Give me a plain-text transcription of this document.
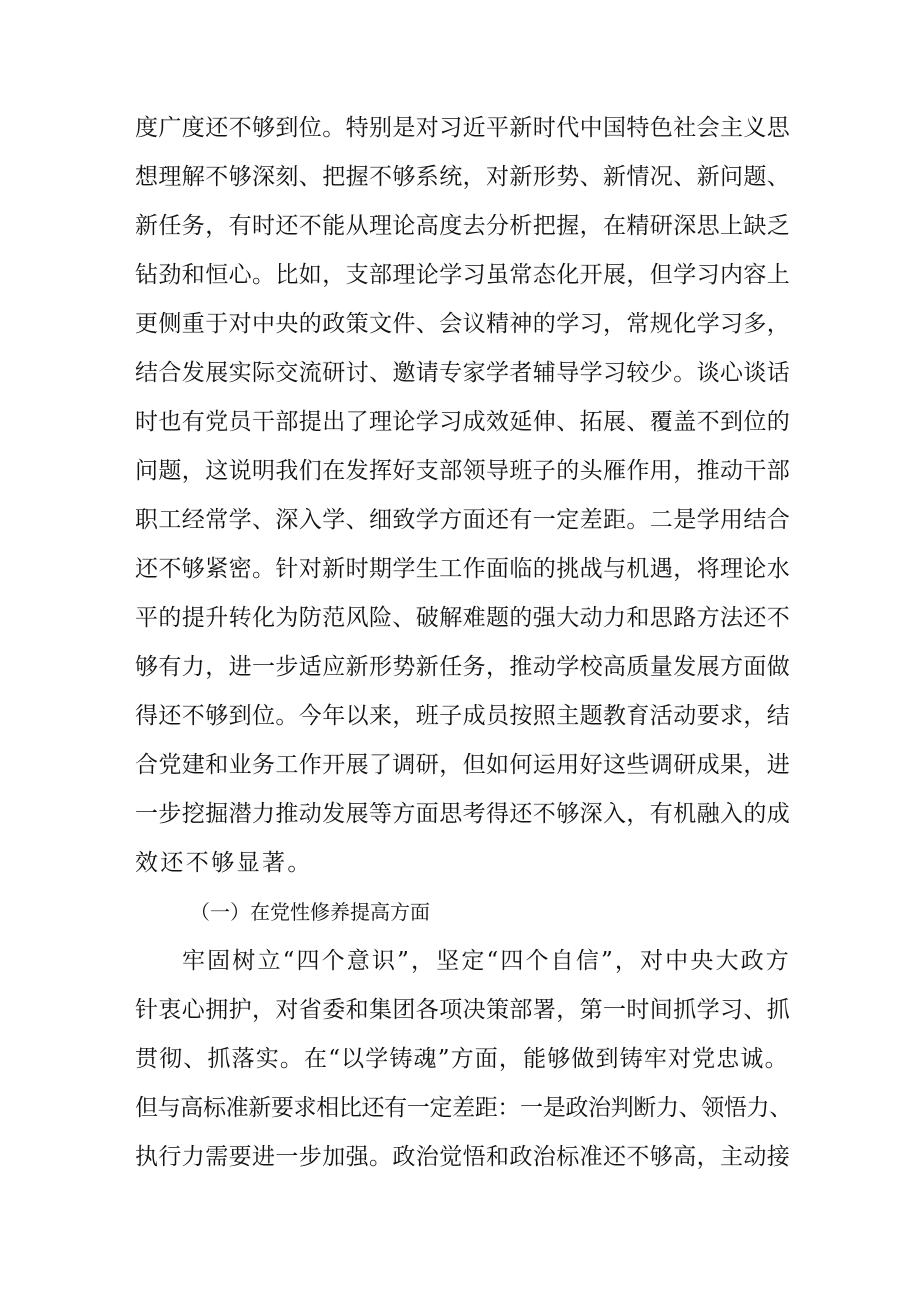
度广度还不够到位。特别是对习近平新时代中国特色社会主义思
想理解不够深刻、把握不够系统，对新形势、新情况、新问题、
新任务，有时还不能从理论高度去分析把握，在精研深思上缺乏
钻劲和恒心。比如，支部理论学习虽常态化开展，但学习内容上
更侧重于对中央的政策文件、会议精神的学习，常规化学习多，
结合发展实际交流研讨、邀请专家学者辅导学习较少。谈心谈话
时也有党员干部提出了理论学习成效延伸、拓展、覆盖不到位的
问题，这说明我们在发挥好支部领导班子的头雁作用，推动干部
职工经常学、深入学、细致学方面还有一定差距。二是学用结合
还不够紧密。针对新时期学生工作面临的挑战与机遇，将理论水
平的提升转化为防范风险、破解难题的强大动力和思路方法还不
够有力，进一步适应新形势新任务，推动学校高质量发展方面做
得还不够到位。今年以来，班子成员按照主题教育活动要求，结
合党建和业务工作开展了调研，但如何运用好这些调研成果，进
一步挖掘潜力推动发展等方面思考得还不够深入，有机融入的成
效还不够显著。
（一）在党性修养提高方面
牢固树立“四个意识”，坚定“四个自信”，对中央大政方
针衷心拥护，对省委和集团各项决策部署，第一时间抓学习、抓
贯彻、抓落实。在“以学铸魂”方面，能够做到铸牢对党忠诚。
但与高标准新要求相比还有一定差距：一是政治判断力、领悟力、
执行力需要进一步加强。政治觉悟和政治标准还不够高，主动接
